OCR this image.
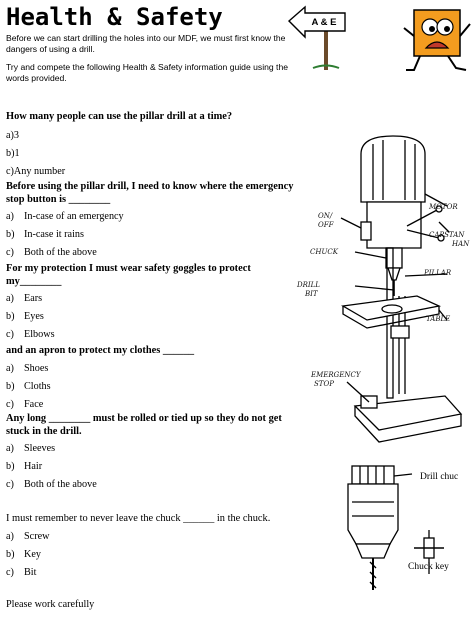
Health & Safety
Before we can start drilling the holes into our MDF, we must first know the dangers of using a drill.
Try and compete the following Health & Safety information guide using the words provided.
A & E
How many people can use the pillar drill at a time?
a)3
b)1
c)Any number
Before using the pillar drill, I need to know where the emergency stop button is ________
a) In-case of an emergency
b) In-case it rains
c) Both of the above
For my protection I must wear safety goggles to protect my________
a) Ears
b) Eyes
c) Elbows
and an apron to protect my clothes ______
a) Shoes
b) Cloths
c) Face
Any long ________ must be rolled or tied up so they do not get stuck in the drill.
a) Sleeves
b) Hair
c) Both of the above
I must remember to never leave the chuck ______ in the chuck.
a) Screw
b) Key
c) Bit
MOTOR
ON/
OFF
CAPSTAN
HAN
CHUCK
PILLAR
DRILL
BIT
TABLE
EMERGENCY
STOP
Drill chuc
Chuck key
Please work carefully
